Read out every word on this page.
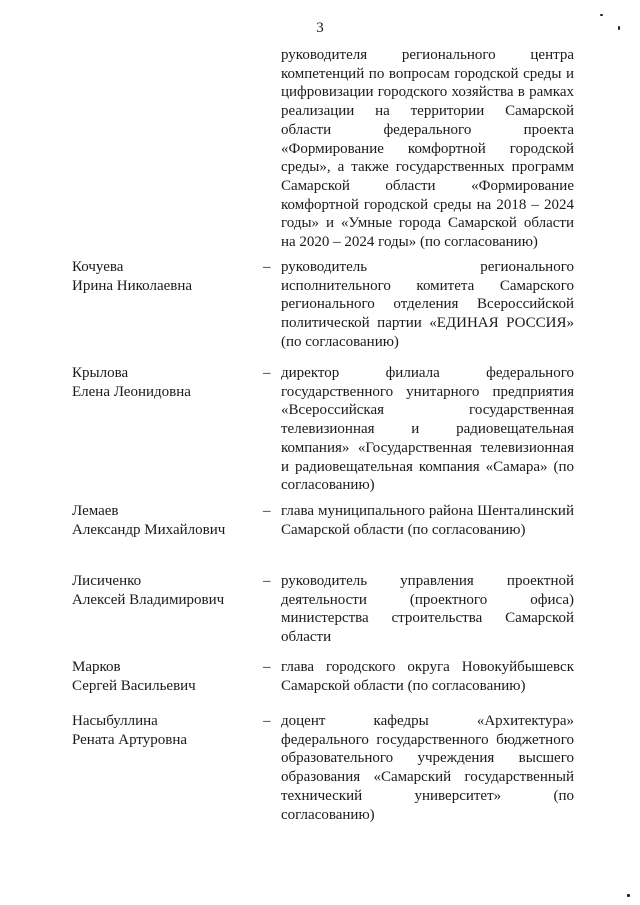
3
руководителя регионального центра компетенций по вопросам городской среды и цифровизации городского хозяйства в рамках реализации на территории Самарской области федерального проекта «Формирование комфортной городской среды», а также государственных программ Самарской области «Формирование комфортной городской среды на 2018 – 2024 годы» и «Умные города Самарской области на 2020 – 2024 годы» (по согласованию)
Кочуева
Ирина Николаевна
– руководитель регионального исполнительного комитета Самарского регионального отделения Всероссийской политической партии «ЕДИНАЯ РОССИЯ» (по согласованию)
Крылова
Елена Леонидовна
– директор филиала федерального государственного унитарного предприятия «Всероссийская государственная телевизионная и радиовещательная компания» «Государственная телевизионная и радиовещательная компания «Самара» (по согласованию)
Лемаев
Александр Михайлович
– глава муниципального района Шенталинский Самарской области (по согласованию)
Лисиченко
Алексей Владимирович
– руководитель управления проектной деятельности (проектного офиса) министерства строительства Самарской области
Марков
Сергей Васильевич
– глава городского округа Новокуйбышевск Самарской области (по согласованию)
Насыбуллина
Рената Артуровна
– доцент кафедры «Архитектура» федерального государственного бюджетного образовательного учреждения высшего образования «Самарский государственный технический университет» (по согласованию)
